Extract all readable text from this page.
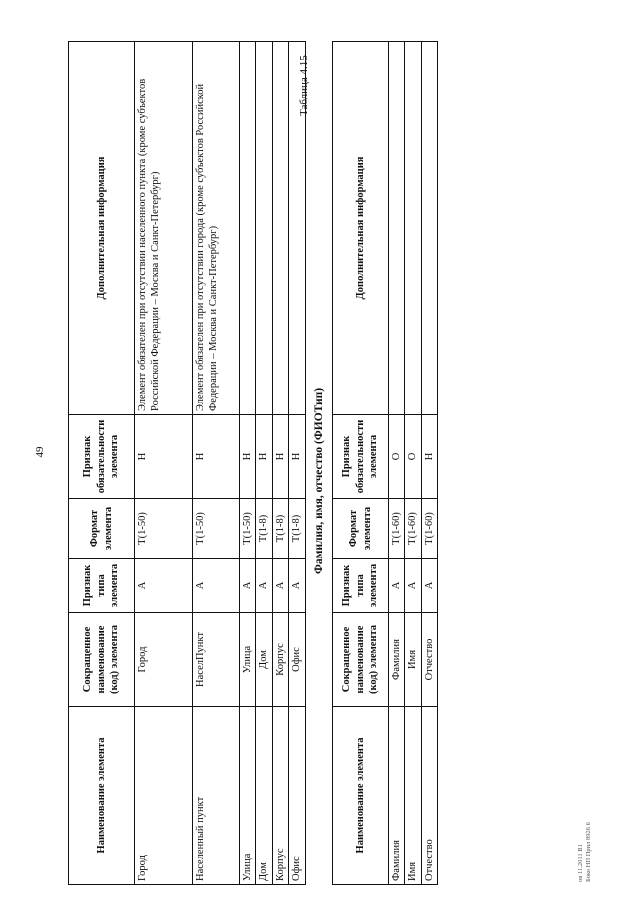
49
Наименование элемента	Сокращенное наименование (код) элемента	Признак типа элемента	Формат элемента	Признак обязательности элемента	Дополнительная информация
Город	Город	А	Т(1-50)	Н	Элемент обязателен при отсутствии населенного пункта (кроме субъектов Российской Федерации – Москва и Санкт-Петербург)
Населенный пункт	НаселПункт	А	Т(1-50)	Н	Элемент обязателен при отсутствии города (кроме субъектов Российской Федерации – Москва и Санкт-Петербург)
Улица	Улица	А	Т(1-50)	Н	
Дом	Дом	А	Т(1-8)	Н	
Корпус	Корпус	А	Т(1-8)	Н	
Офис	Офис	А	Т(1-8)	Н	
Таблица 4.15
Фамилия, имя, отчество (ФИОТип)
Наименование элемента	Сокращенное наименование (код) элемента	Признак типа элемента	Формат элемента	Признак обязательности элемента	Дополнительная информация
Фамилия	Фамилия	А	Т(1-60)	О	
Имя	Имя	А	Т(1-60)	О	
Отчество	Отчество	А	Т(1-60)	Н	
ов 11.2011 В1 Боко НП Прил 8926 6
